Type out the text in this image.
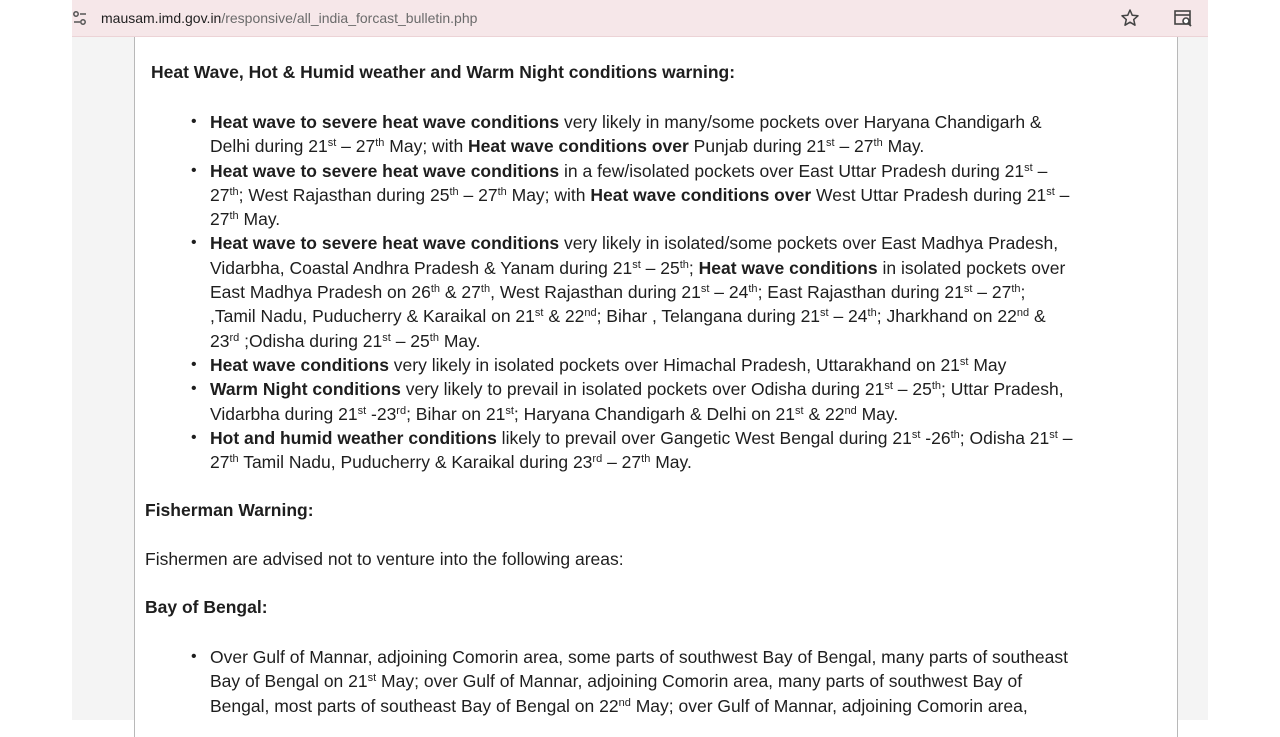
mausam.imd.gov.in/responsive/all_india_forcast_bulletin.php
Heat Wave, Hot & Humid weather and Warm Night conditions warning:
• Heat wave to severe heat wave conditions very likely in many/some pockets over Haryana Chandigarh &
Delhi during 21st – 27th May; with Heat wave conditions over Punjab during 21st – 27th May.
• Heat wave to severe heat wave conditions in a few/isolated pockets over East Uttar Pradesh during 21st –
27th; West Rajasthan during 25th – 27th May; with Heat wave conditions over West Uttar Pradesh during 21st –
27th May.
• Heat wave to severe heat wave conditions very likely in isolated/some pockets over East Madhya Pradesh,
Vidarbha, Coastal Andhra Pradesh & Yanam during 21st – 25th; Heat wave conditions in isolated pockets over
East Madhya Pradesh on 26th & 27th, West Rajasthan during 21st – 24th; East Rajasthan during 21st – 27th;
,Tamil Nadu, Puducherry & Karaikal on 21st & 22nd; Bihar , Telangana during 21st – 24th; Jharkhand on 22nd &
23rd ;Odisha during 21st – 25th May.
• Heat wave conditions very likely in isolated pockets over Himachal Pradesh, Uttarakhand on 21st May
• Warm Night conditions very likely to prevail in isolated pockets over Odisha during 21st – 25th; Uttar Pradesh,
Vidarbha during 21st -23rd; Bihar on 21st; Haryana Chandigarh & Delhi on 21st & 22nd May.
• Hot and humid weather conditions likely to prevail over Gangetic West Bengal during 21st -26th; Odisha 21st –
27th Tamil Nadu, Puducherry & Karaikal during 23rd – 27th May.
Fisherman Warning:
Fishermen are advised not to venture into the following areas:
Bay of Bengal:
• Over Gulf of Mannar, adjoining Comorin area, some parts of southwest Bay of Bengal, many parts of southeast
Bay of Bengal on 21st May; over Gulf of Mannar, adjoining Comorin area, many parts of southwest Bay of
Bengal, most parts of southeast Bay of Bengal on 22nd May; over Gulf of Mannar, adjoining Comorin area,
